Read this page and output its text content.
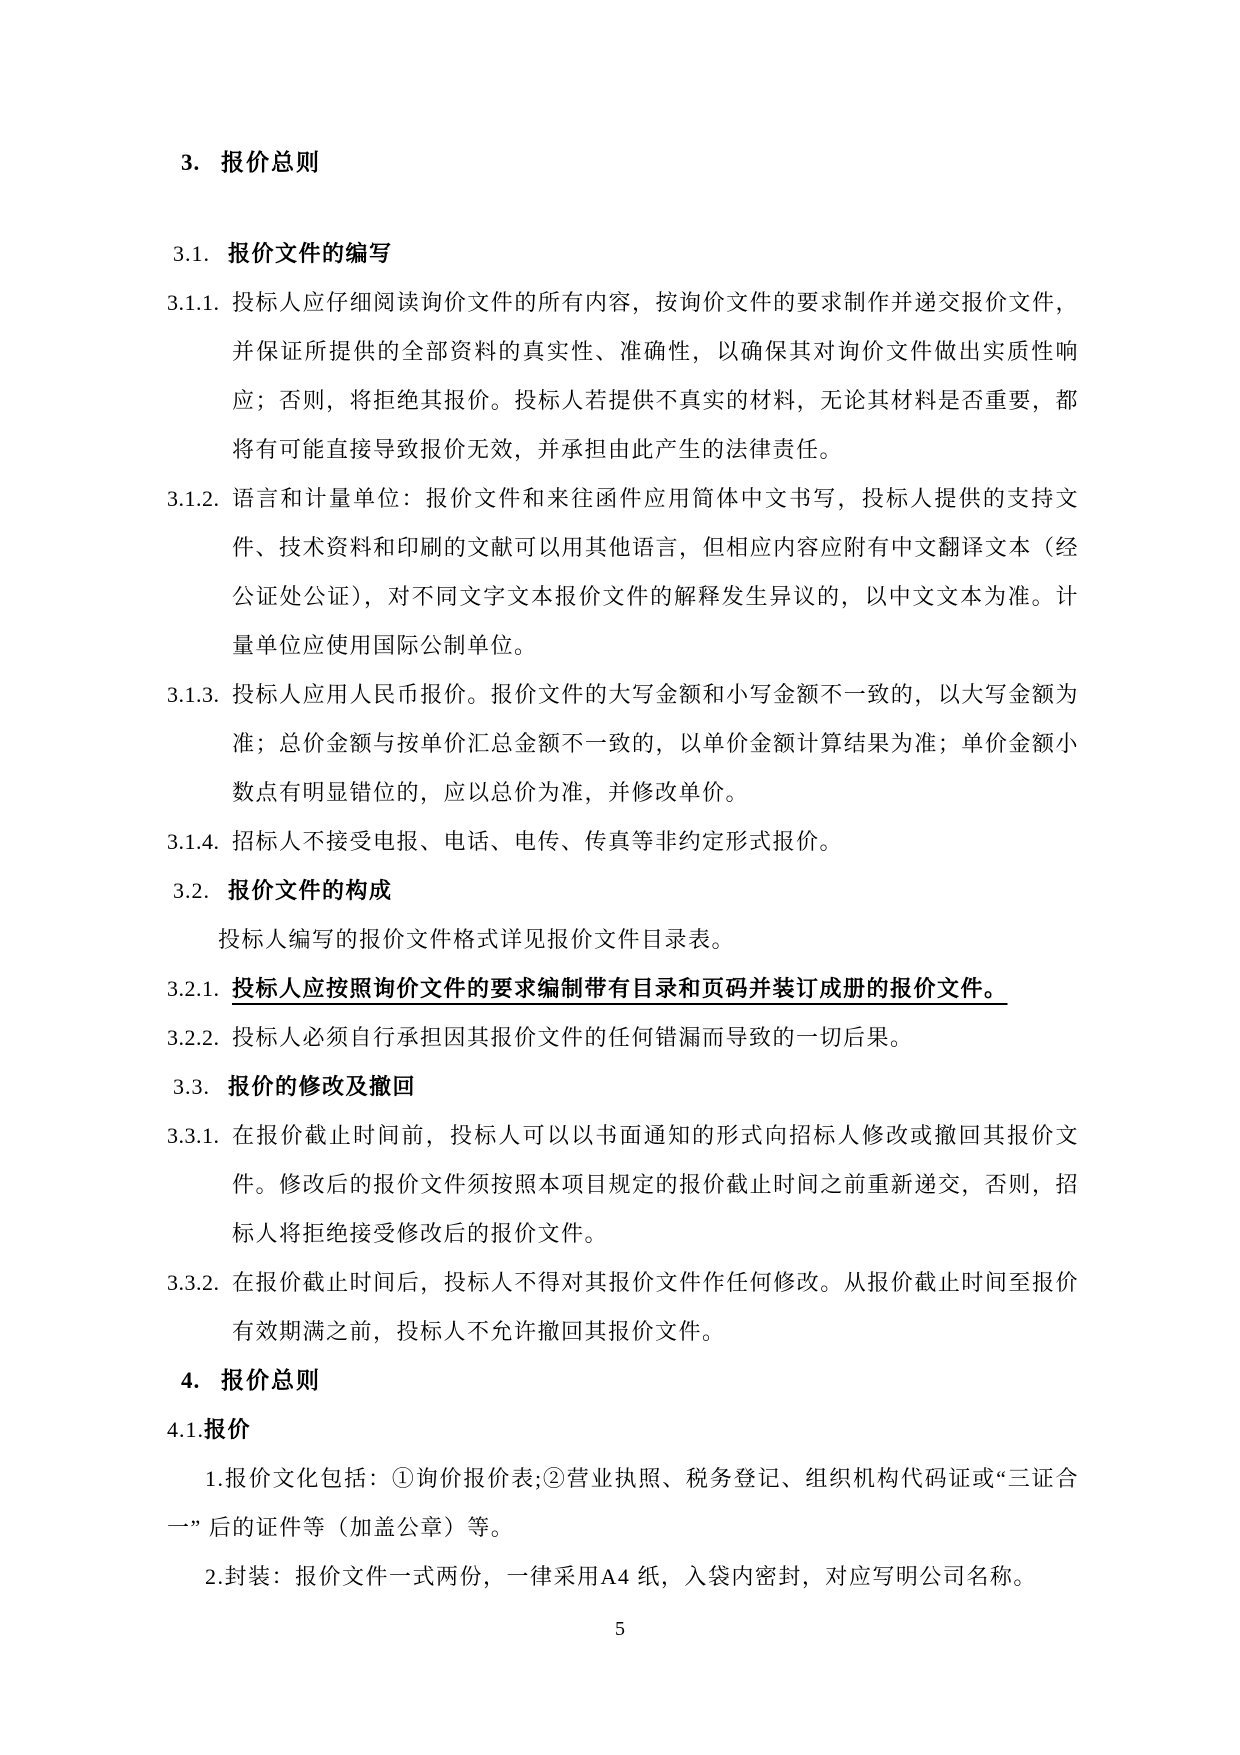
3. 报价总则
3.1. 报价文件的编写
3.1.1. 投标人应仔细阅读询价文件的所有内容，按询价文件的要求制作并递交报价文件，并保证所提供的全部资料的真实性、准确性，以确保其对询价文件做出实质性响应；否则，将拒绝其报价。投标人若提供不真实的材料，无论其材料是否重要，都将有可能直接导致报价无效，并承担由此产生的法律责任。
3.1.2. 语言和计量单位：报价文件和来往函件应用简体中文书写，投标人提供的支持文件、技术资料和印刷的文献可以用其他语言，但相应内容应附有中文翻译文本（经公证处公证），对不同文字文本报价文件的解释发生异议的，以中文文本为准。计量单位应使用国际公制单位。
3.1.3. 投标人应用人民币报价。报价文件的大写金额和小写金额不一致的，以大写金额为准；总价金额与按单价汇总金额不一致的，以单价金额计算结果为准；单价金额小数点有明显错位的，应以总价为准，并修改单价。
3.1.4. 招标人不接受电报、电话、电传、传真等非约定形式报价。
3.2. 报价文件的构成
投标人编写的报价文件格式详见报价文件目录表。
3.2.1. 投标人应按照询价文件的要求编制带有目录和页码并装订成册的报价文件。
3.2.2. 投标人必须自行承担因其报价文件的任何错漏而导致的一切后果。
3.3. 报价的修改及撤回
3.3.1. 在报价截止时间前，投标人可以以书面通知的形式向招标人修改或撤回其报价文件。修改后的报价文件须按照本项目规定的报价截止时间之前重新递交，否则，招标人将拒绝接受修改后的报价文件。
3.3.2. 在报价截止时间后，投标人不得对其报价文件作任何修改。从报价截止时间至报价有效期满之前，投标人不允许撤回其报价文件。
4. 报价总则
4.1.报价
1.报价文化包括：①询价报价表;②营业执照、税务登记、组织机构代码证或“三证合一” 后的证件等（加盖公章）等。
2.封装：报价文件一式两份，一律采用A4 纸，入袋内密封，对应写明公司名称。
5
